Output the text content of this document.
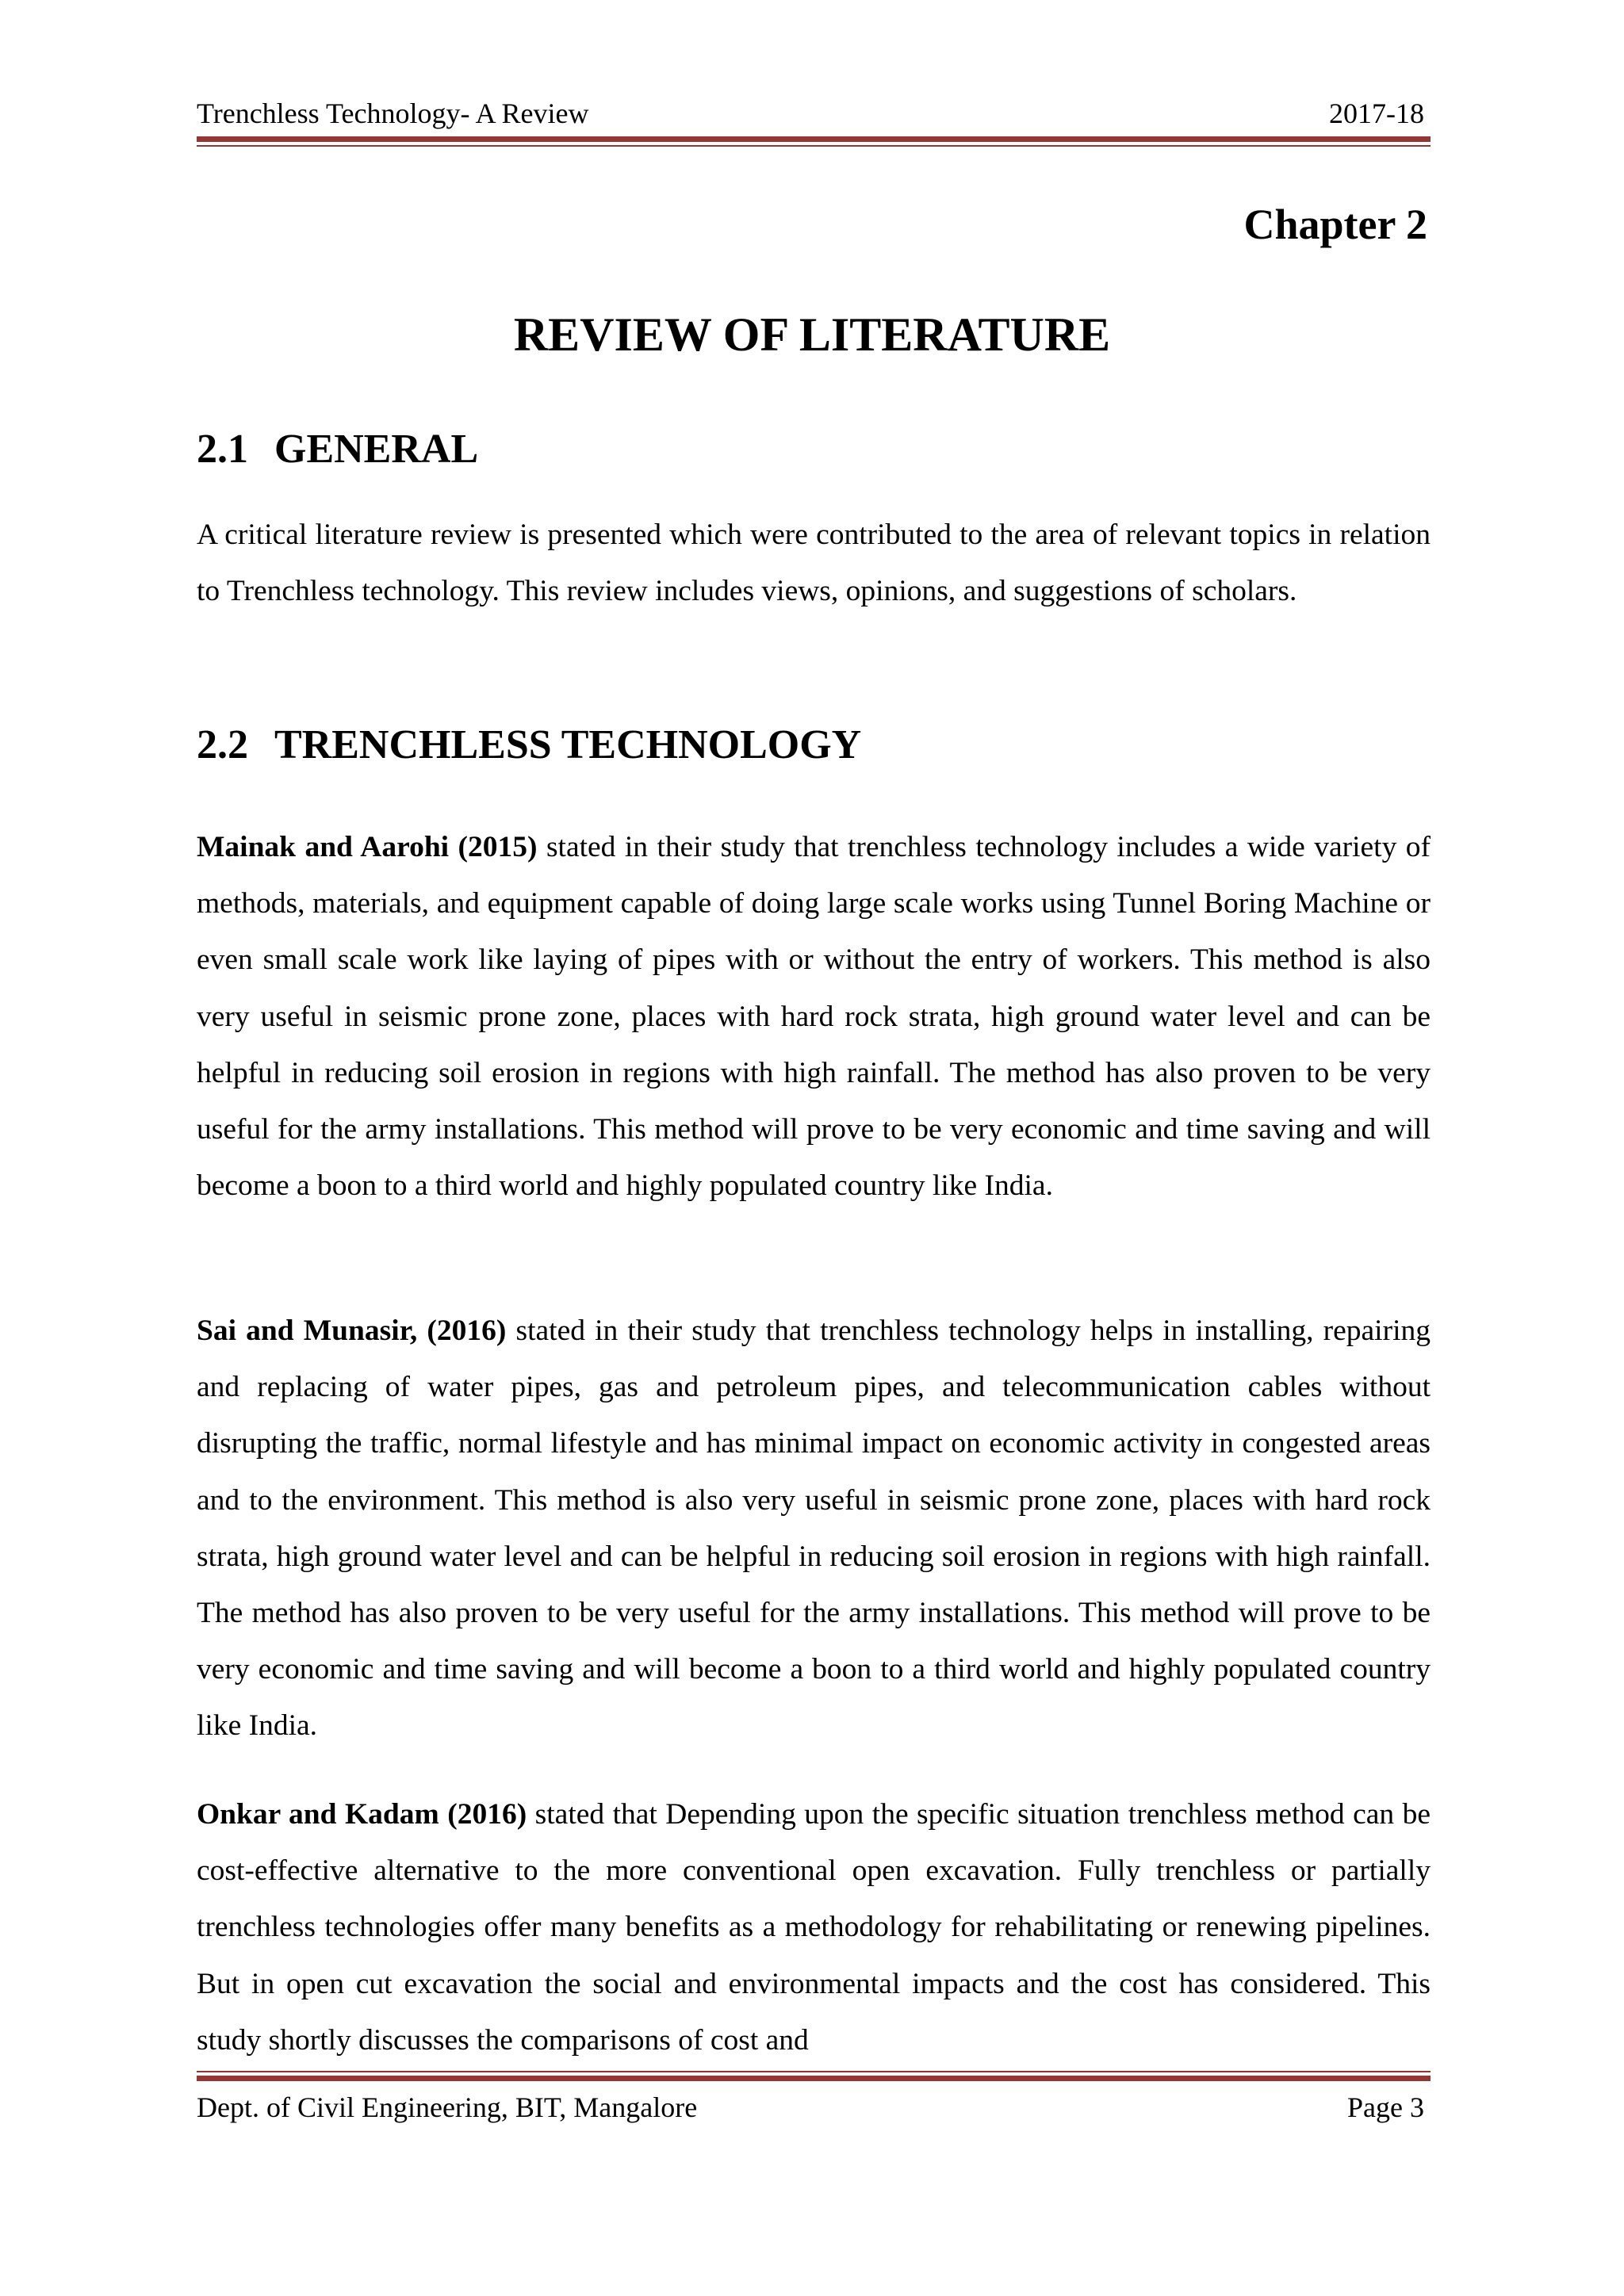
Trenchless Technology- A Review	2017-18
Chapter 2
REVIEW OF LITERATURE
2.1 GENERAL

A critical literature review is presented which were contributed to the area of relevant topics in relation to Trenchless technology. This review includes views, opinions, and suggestions of scholars.

2.2 TRENCHLESS TECHNOLOGY

Mainak and Aarohi (2015) stated in their study that trenchless technology includes a wide variety of methods, materials, and equipment capable of doing large scale works using Tunnel Boring Machine or even small scale work like laying of pipes with or without the entry of workers. This method is also very useful in seismic prone zone, places with hard rock strata, high ground water level and can be helpful in reducing soil erosion in regions with high rainfall. The method has also proven to be very useful for the army installations. This method will prove to be very economic and time saving and will become a boon to a third world and highly populated country like India.

Sai and Munasir, (2016) stated in their study that trenchless technology helps in installing, repairing and replacing of water pipes, gas and petroleum pipes, and telecommunication cables without disrupting the traffic, normal lifestyle and has minimal impact on economic activity in congested areas and to the environment. This method is also very useful in seismic prone zone, places with hard rock strata, high ground water level and can be helpful in reducing soil erosion in regions with high rainfall. The method has also proven to be very useful for the army installations. This method will prove to be very economic and time saving and will become a boon to a third world and highly populated country like India.

Onkar and Kadam (2016) stated that Depending upon the specific situation trenchless method can be cost-effective alternative to the more conventional open excavation. Fully trenchless or partially trenchless technologies offer many benefits as a methodology for rehabilitating or renewing pipelines. But in open cut excavation the social and environmental impacts and the cost has considered. This study shortly discusses the comparisons of cost and

Dept. of Civil Engineering, BIT, Mangalore	Page 3
